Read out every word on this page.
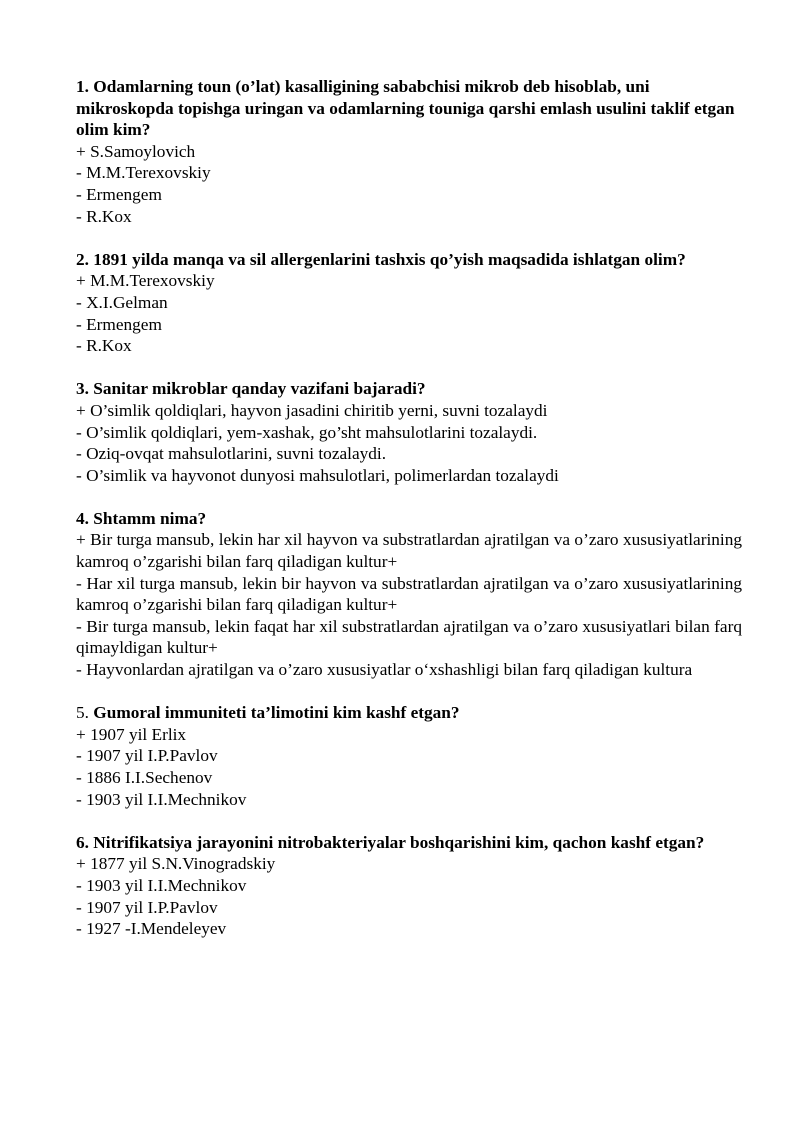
1. Odamlarning toun (o’lat) kasalligining sababchisi mikrob deb hisoblab, uni mikroskopda topishga uringan va odamlarning touniga qarshi emlash usulini taklif etgan olim kim?
+ S.Samoylovich
- M.M.Terexovskiy
- Ermengem
- R.Kox
2. 1891 yilda manqa va sil allergenlarini tashxis qo’yish maqsadida ishlatgan olim?
+ M.M.Terexovskiy
- X.I.Gelman
- Ermengem
- R.Kox
3. Sanitar mikroblar qanday vazifani bajaradi?
+ O’simlik qoldiqlari, hayvon jasadini chiritib yerni, suvni tozalaydi
- O’simlik qoldiqlari, yem-xashak, go’sht mahsulotlarini tozalaydi.
- Oziq-ovqat mahsulotlarini, suvni tozalaydi.
- O’simlik va hayvonot dunyosi mahsulotlari, polimerlardan tozalaydi
4. Shtamm nima?
+ Bir turga mansub, lekin har xil hayvon va substratlardan ajratilgan va o’zaro xususiyatlarining kamroq o’zgarishi bilan farq qiladigan kultur+
- Har xil turga mansub, lekin bir hayvon va substratlardan ajratilgan va o’zaro xususiyatlarining kamroq o’zgarishi bilan farq qiladigan kultur+
- Bir turga mansub, lekin faqat har xil substratlardan ajratilgan va o’zaro xususiyatlari bilan farq qimayldigan kultur+
- Hayvonlardan ajratilgan va o’zaro xususiyatlar o‘xshashligi bilan farq qiladigan kultura
5. Gumoral immuniteti ta’limotini kim kashf etgan?
+ 1907 yil Erlix
- 1907 yil I.P.Pavlov
- 1886 I.I.Sechenov
- 1903 yil I.I.Mechnikov
6. Nitrifikatsiya jarayonini nitrobakteriyalar boshqarishini kim, qachon kashf etgan?
+ 1877 yil S.N.Vinogradskiy
- 1903 yil I.I.Mechnikov
- 1907 yil I.P.Pavlov
- 1927 -I.Mendeleyev
